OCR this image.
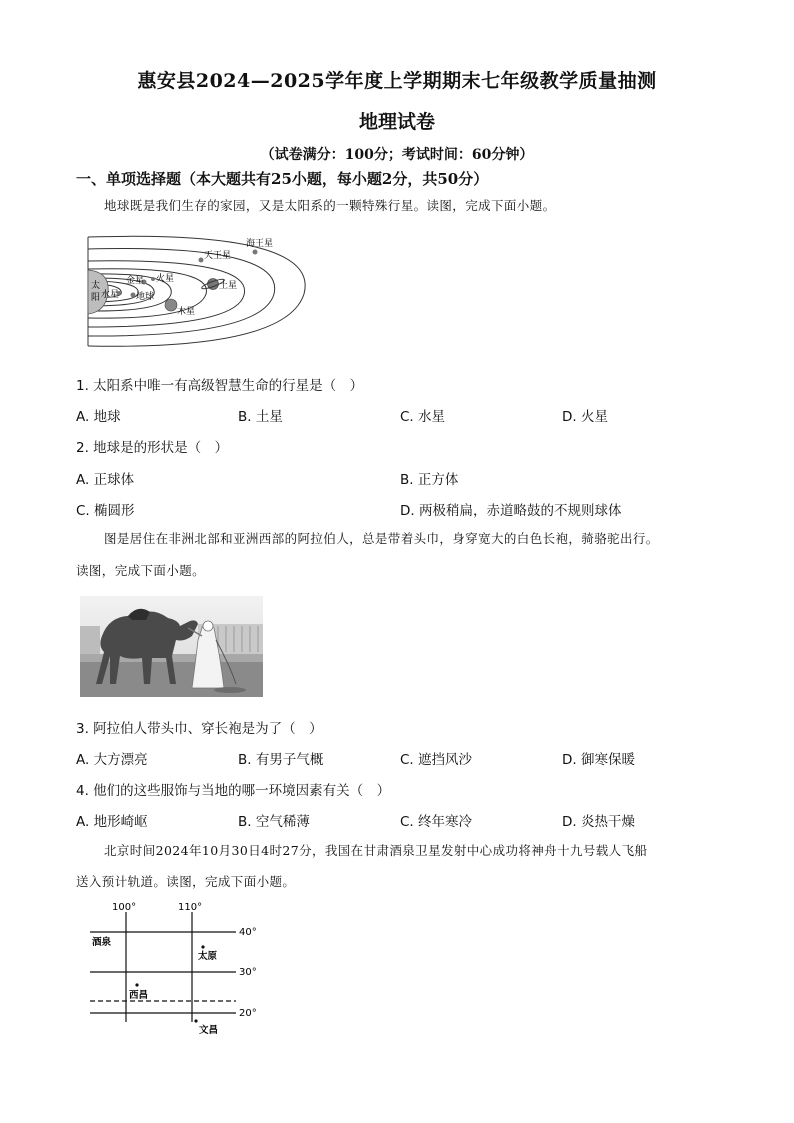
惠安县2024—2025学年度上学期期末七年级教学质量抽测
地理试卷
（试卷满分：100分；考试时间：60分钟）
一、单项选择题（本大题共有25小题，每小题2分，共50分）
地球既是我们生存的家园，又是太阳系的一颗特殊行星。读图，完成下面小题。
太
阳 水星
金星
地球
火星
木星
土星
天王星
海王星
1. 太阳系中唯一有高级智慧生命的行星是（　）
A. 地球	B. 土星	C. 水星	D. 火星
2. 地球是的形状是（　）
A. 正球体	B. 正方体
C. 椭圆形	D. 两极稍扁，赤道略鼓的不规则球体
图是居住在非洲北部和亚洲西部的阿拉伯人，总是带着头巾，身穿宽大的白色长袍，骑骆驼出行。
读图，完成下面小题。
3. 阿拉伯人带头巾、穿长袍是为了（　）
A. 大方漂亮	B. 有男子气概	C. 遮挡风沙	D. 御寒保暖
4. 他们的这些服饰与当地的哪一环境因素有关（　）
A. 地形崎岖	B. 空气稀薄	C. 终年寒冷	D. 炎热干燥
北京时间2024年10月30日4时27分，我国在甘肃酒泉卫星发射中心成功将神舟十九号载人飞船
送入预计轨道。读图，完成下面小题。
100°	110°
40°
30°
20°
酒泉
太原
西昌
文昌
